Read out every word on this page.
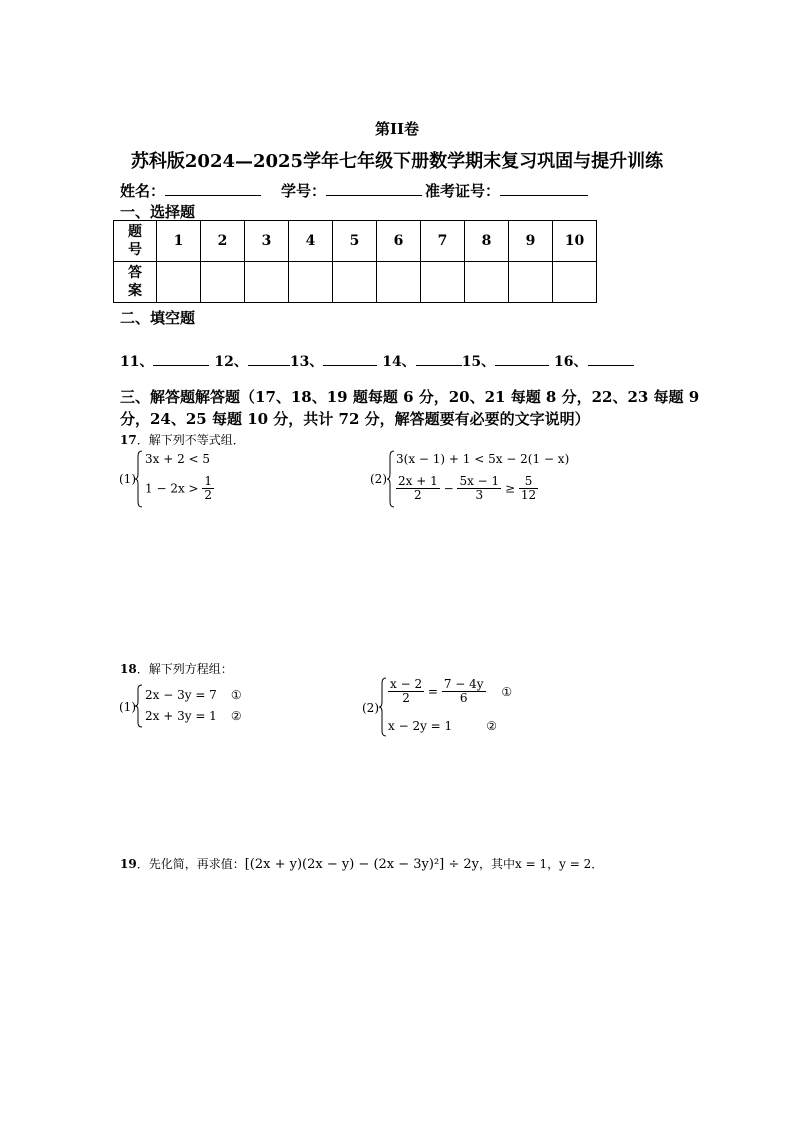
第II卷
苏科版2024—2025学年七年级下册数学期末复习巩固与提升训练
姓名：	学号：	准考证号：
一、选择题
题
号	1	2	3	4	5	6	7	8	9	10
答
案										
二、填空题
11、	12、	13、	14、	15、	16、
三、解答题解答题（17、18、19 题每题 6 分，20、21 每题 8 分，22、23 每题 9
分，24、25 每题 10 分，共计 72 分，解答题要有必要的文字说明）
17．解下列不等式组．
(1)
3x + 2 < 5
$1 - 2x > \frac{1}{2}$	(2)
3(x − 1) + 1 < 5x − 2(1 − x)
$\frac{2x + 1}{2} - \frac{5x - 1}{3} \ge \frac{5}{12}$
18．解下列方程组：
(1)
2x − 3y = 7 ①
2x + 3y = 1 ②
(2)
$\frac{x - 2}{2} = \frac{7 - 4y}{6}$ ①
x − 2y = 1	②
19．先化简，再求值：[(2x + y)(2x − y) − (2x − 3y)²] ÷ 2y，其中x = 1，y = 2．
